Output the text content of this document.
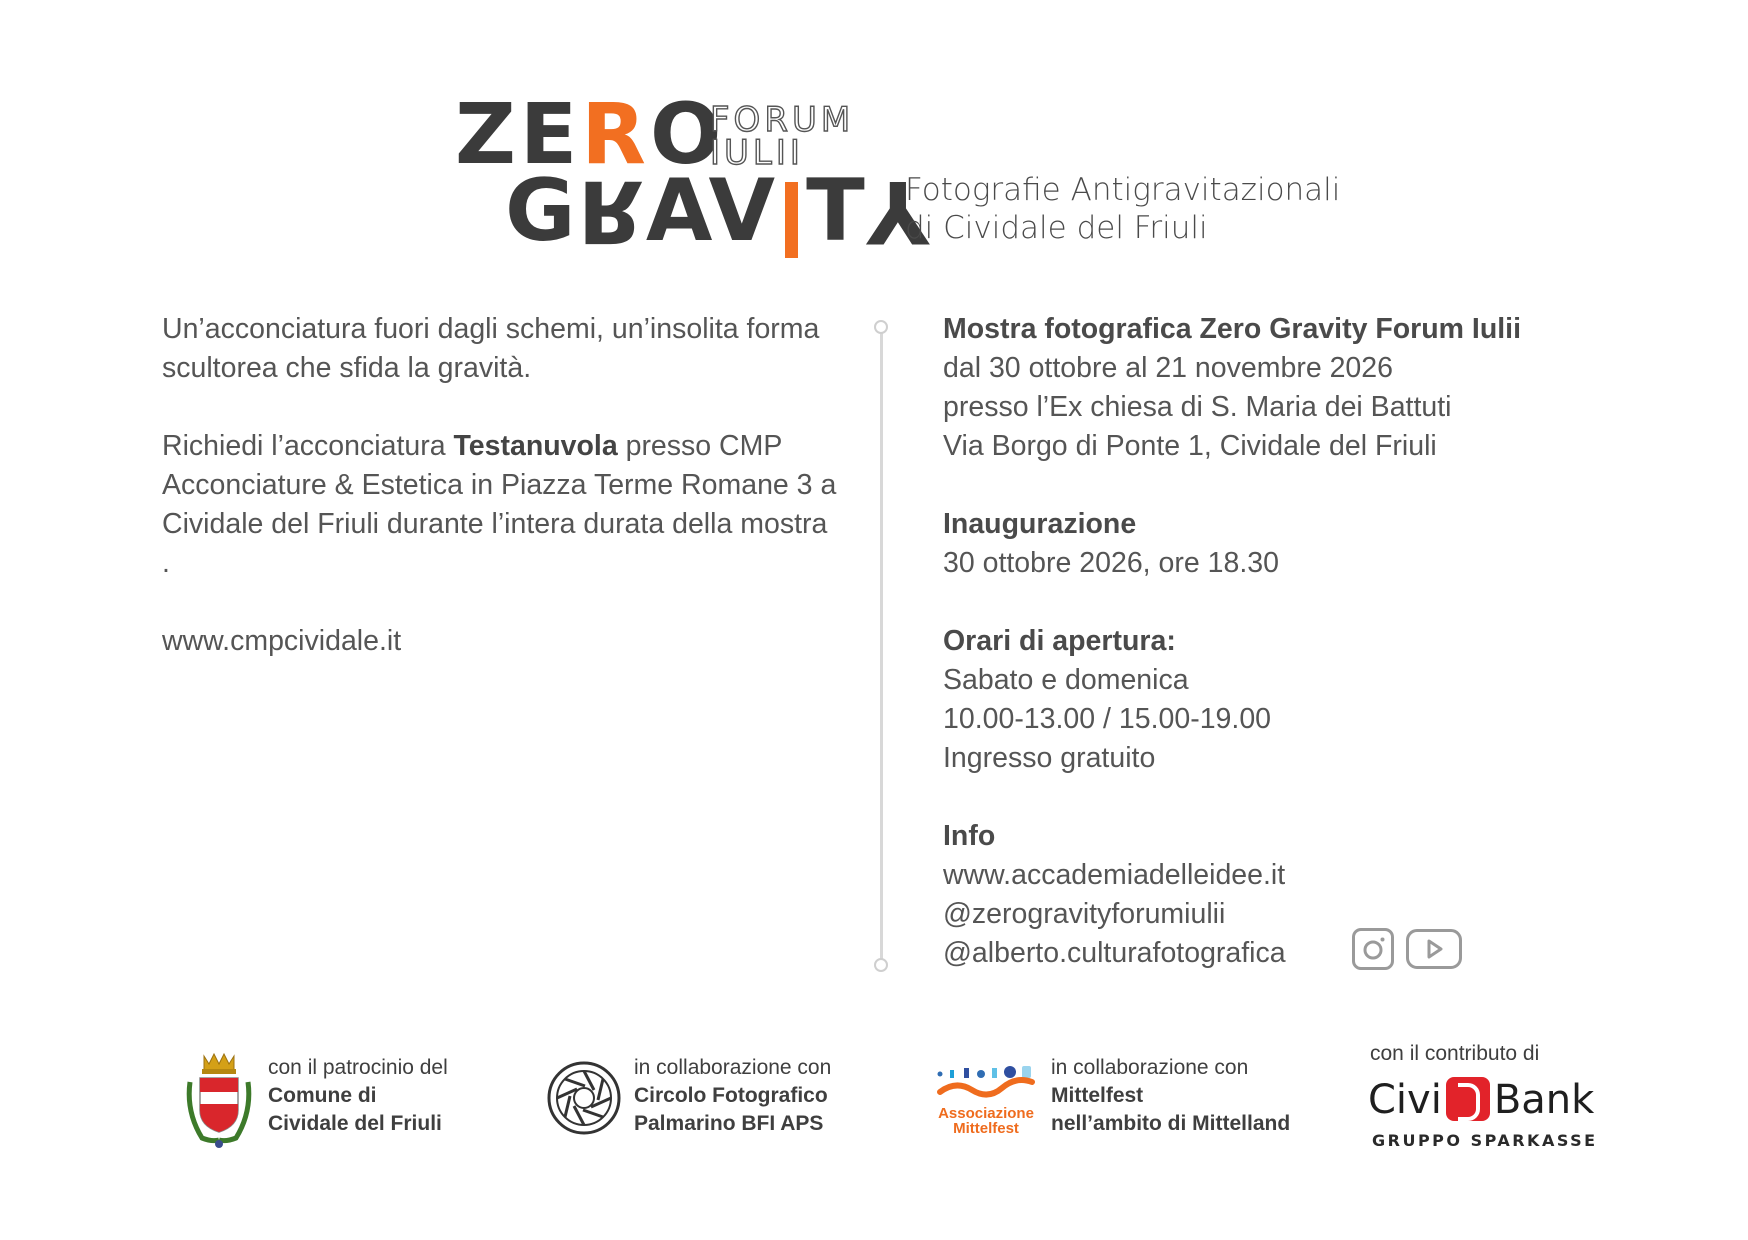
ZERO
FORUM
IULII
GRAV TY
Fotografie Antigravitazionali
di Cividale del Friuli

Un’acconciatura fuori dagli schemi, un’insolita forma scultorea che sfida la gravità.

Richiedi l’acconciatura Testanuvola presso CMP Acconciature & Estetica in Piazza Terme Romane 3 a Cividale del Friuli durante l’intera durata della mostra .

www.cmpcividale.it

Mostra fotografica Zero Gravity Forum Iulii
dal 30 ottobre al 21 novembre 2026
presso l’Ex chiesa di S. Maria dei Battuti
Via Borgo di Ponte 1, Cividale del Friuli
Inaugurazione
30 ottobre 2026, ore 18.30
Orari di apertura:
Sabato e domenica
10.00-13.00 / 15.00-19.00
Ingresso gratuito
Info
www.accademiadelleidee.it
@zerogravityforumiulii
@alberto.culturafotografica
con il patrocinio del
Comune di
Cividale del Friuli
in collaborazione con
Circolo Fotografico
Palmarino BFI APS	Associazione
Mittelfest
in collaborazione con
Mittelfest
nell’ambito di Mittelland
con il contributo di
Civi Bank
GRUPPO SPARKASSE
